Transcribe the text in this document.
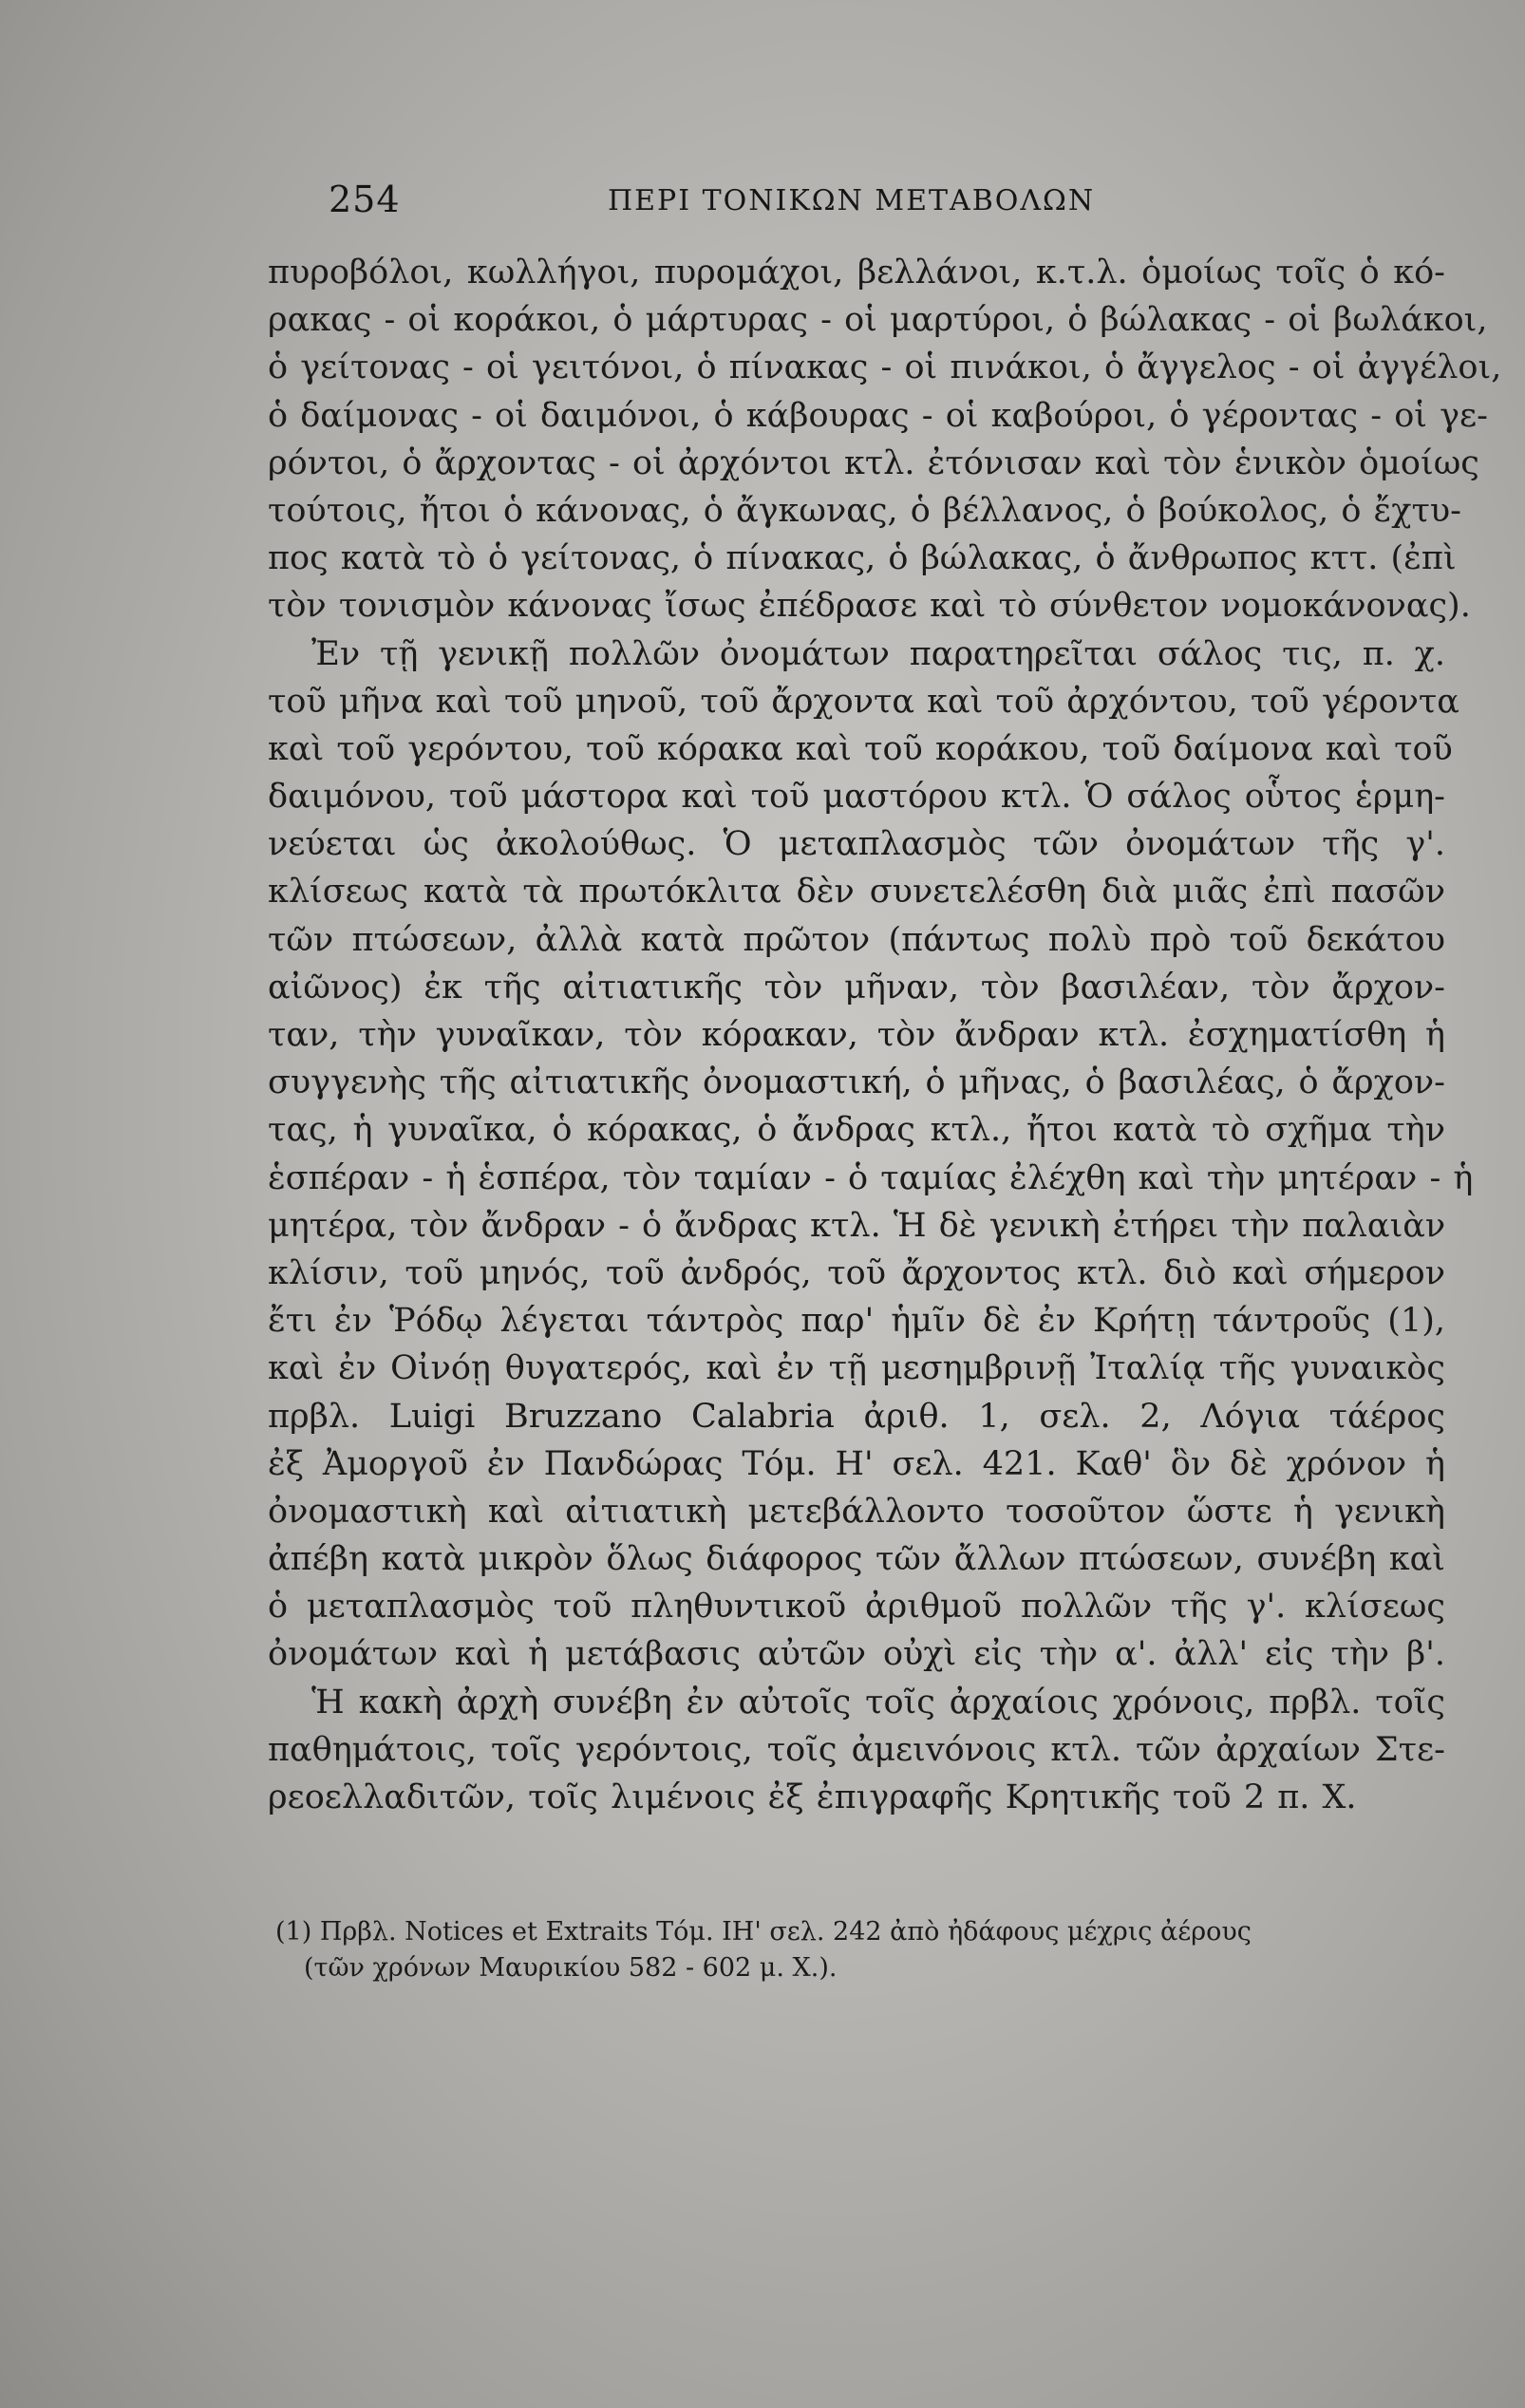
254	ΠΕΡΙ ΤΟΝΙΚΩΝ ΜΕΤΑΒΟΛΩΝ
πυροβόλοι, κωλλήγοι, πυρομάχοι, βελλάνοι, κ.τ.λ. ὁμοίως τοῖς ὁ κό-
ρακας - οἱ κοράκοι, ὁ μάρτυρας - οἱ μαρτύροι, ὁ βώλακας - οἱ βωλάκοι,
ὁ γείτονας - οἱ γειτόνοι, ὁ πίνακας - οἱ πινάκοι, ὁ ἄγγελος - οἱ ἀγγέλοι,
ὁ δαίμονας - οἱ δαιμόνοι, ὁ κάβουρας - οἱ καβούροι, ὁ γέροντας - οἱ γε-
ρόντοι, ὁ ἄρχοντας - οἱ ἀρχόντοι κτλ. ἐτόνισαν καὶ τὸν ἑνικὸν ὁμοίως
τούτοις, ἤτοι ὁ κάνονας, ὁ ἄγκωνας, ὁ βέλλανος, ὁ βούκολος, ὁ ἔχτυ-
πος κατὰ τὸ ὁ γείτονας, ὁ πίνακας, ὁ βώλακας, ὁ ἄνθρωπος κττ. (ἐπὶ
τὸν τονισμὸν κάνονας ἴσως ἐπέδρασε καὶ τὸ σύνθετον νομοκάνονας).
Ἐν τῇ γενικῇ πολλῶν ὀνομάτων παρατηρεῖται σάλος τις, π. χ.
τοῦ μῆνα καὶ τοῦ μηνοῦ, τοῦ ἄρχοντα καὶ τοῦ ἀρχόντου, τοῦ γέροντα
καὶ τοῦ γερόντου, τοῦ κόρακα καὶ τοῦ κοράκου, τοῦ δαίμονα καὶ τοῦ
δαιμόνου, τοῦ μάστορα καὶ τοῦ μαστόρου κτλ. Ὁ σάλος οὗτος ἑρμη-
νεύεται ὡς ἀκολούθως. Ὁ μεταπλασμὸς τῶν ὀνομάτων τῆς γ'.
κλίσεως κατὰ τὰ πρωτόκλιτα δὲν συνετελέσθη διὰ μιᾶς ἐπὶ πασῶν
τῶν πτώσεων, ἀλλὰ κατὰ πρῶτον (πάντως πολὺ πρὸ τοῦ δεκάτου
αἰῶνος) ἐκ τῆς αἰτιατικῆς τὸν μῆναν, τὸν βασιλέαν, τὸν ἄρχον-
ταν, τὴν γυναῖκαν, τὸν κόρακαν, τὸν ἄνδραν κτλ. ἐσχηματίσθη ἡ
συγγενὴς τῆς αἰτιατικῆς ὀνομαστική, ὁ μῆνας, ὁ βασιλέας, ὁ ἄρχον-
τας, ἡ γυναῖκα, ὁ κόρακας, ὁ ἄνδρας κτλ., ἤτοι κατὰ τὸ σχῆμα τὴν
ἑσπέραν - ἡ ἑσπέρα, τὸν ταμίαν - ὁ ταμίας ἐλέχθη καὶ τὴν μητέραν - ἡ
μητέρα, τὸν ἄνδραν - ὁ ἄνδρας κτλ. Ἡ δὲ γενικὴ ἐτήρει τὴν παλαιὰν
κλίσιν, τοῦ μηνός, τοῦ ἀνδρός, τοῦ ἄρχοντος κτλ. διὸ καὶ σήμερον
ἔτι ἐν Ῥόδῳ λέγεται τάντρὸς παρ' ἡμῖν δὲ ἐν Κρήτῃ τάντροῦς (1),
καὶ ἐν Οἰνόῃ θυγατερός, καὶ ἐν τῇ μεσημβρινῇ Ἰταλίᾳ τῆς γυναικὸς
πρβλ. Luigi Bruzzano Calabria ἀριθ. 1, σελ. 2, Λόγια τάέρος
ἐξ Ἀμοργοῦ ἐν Πανδώρας Τόμ. Η' σελ. 421. Καθ' ὃν δὲ χρόνον ἡ
ὀνομαστικὴ καὶ αἰτιατικὴ μετεβάλλοντο τοσοῦτον ὥστε ἡ γενικὴ
ἀπέβη κατὰ μικρὸν ὅλως διάφορος τῶν ἄλλων πτώσεων, συνέβη καὶ
ὁ μεταπλασμὸς τοῦ πληθυντικοῦ ἀριθμοῦ πολλῶν τῆς γ'. κλίσεως
ὀνομάτων καὶ ἡ μετάβασις αὐτῶν οὐχὶ εἰς τὴν α'. ἀλλ' εἰς τὴν β'.
Ἡ κακὴ ἀρχὴ συνέβη ἐν αὐτοῖς τοῖς ἀρχαίοις χρόνοις, πρβλ. τοῖς
παθημάτοις, τοῖς γερόντοις, τοῖς ἀμειvόνοις κτλ. τῶν ἀρχαίων Στε-
ρεοελλαδιτῶν, τοῖς λιμένοις ἐξ ἐπιγραφῆς Κρητικῆς τοῦ 2 π. Χ.
(1) Πρβλ. Notices et Extraits Τόμ. ΙΗ' σελ. 242 ἀπὸ ἠδάφους μέχρις ἀέρους
(τῶν χρόνων Μαυρικίου 582 - 602 μ. Χ.).
